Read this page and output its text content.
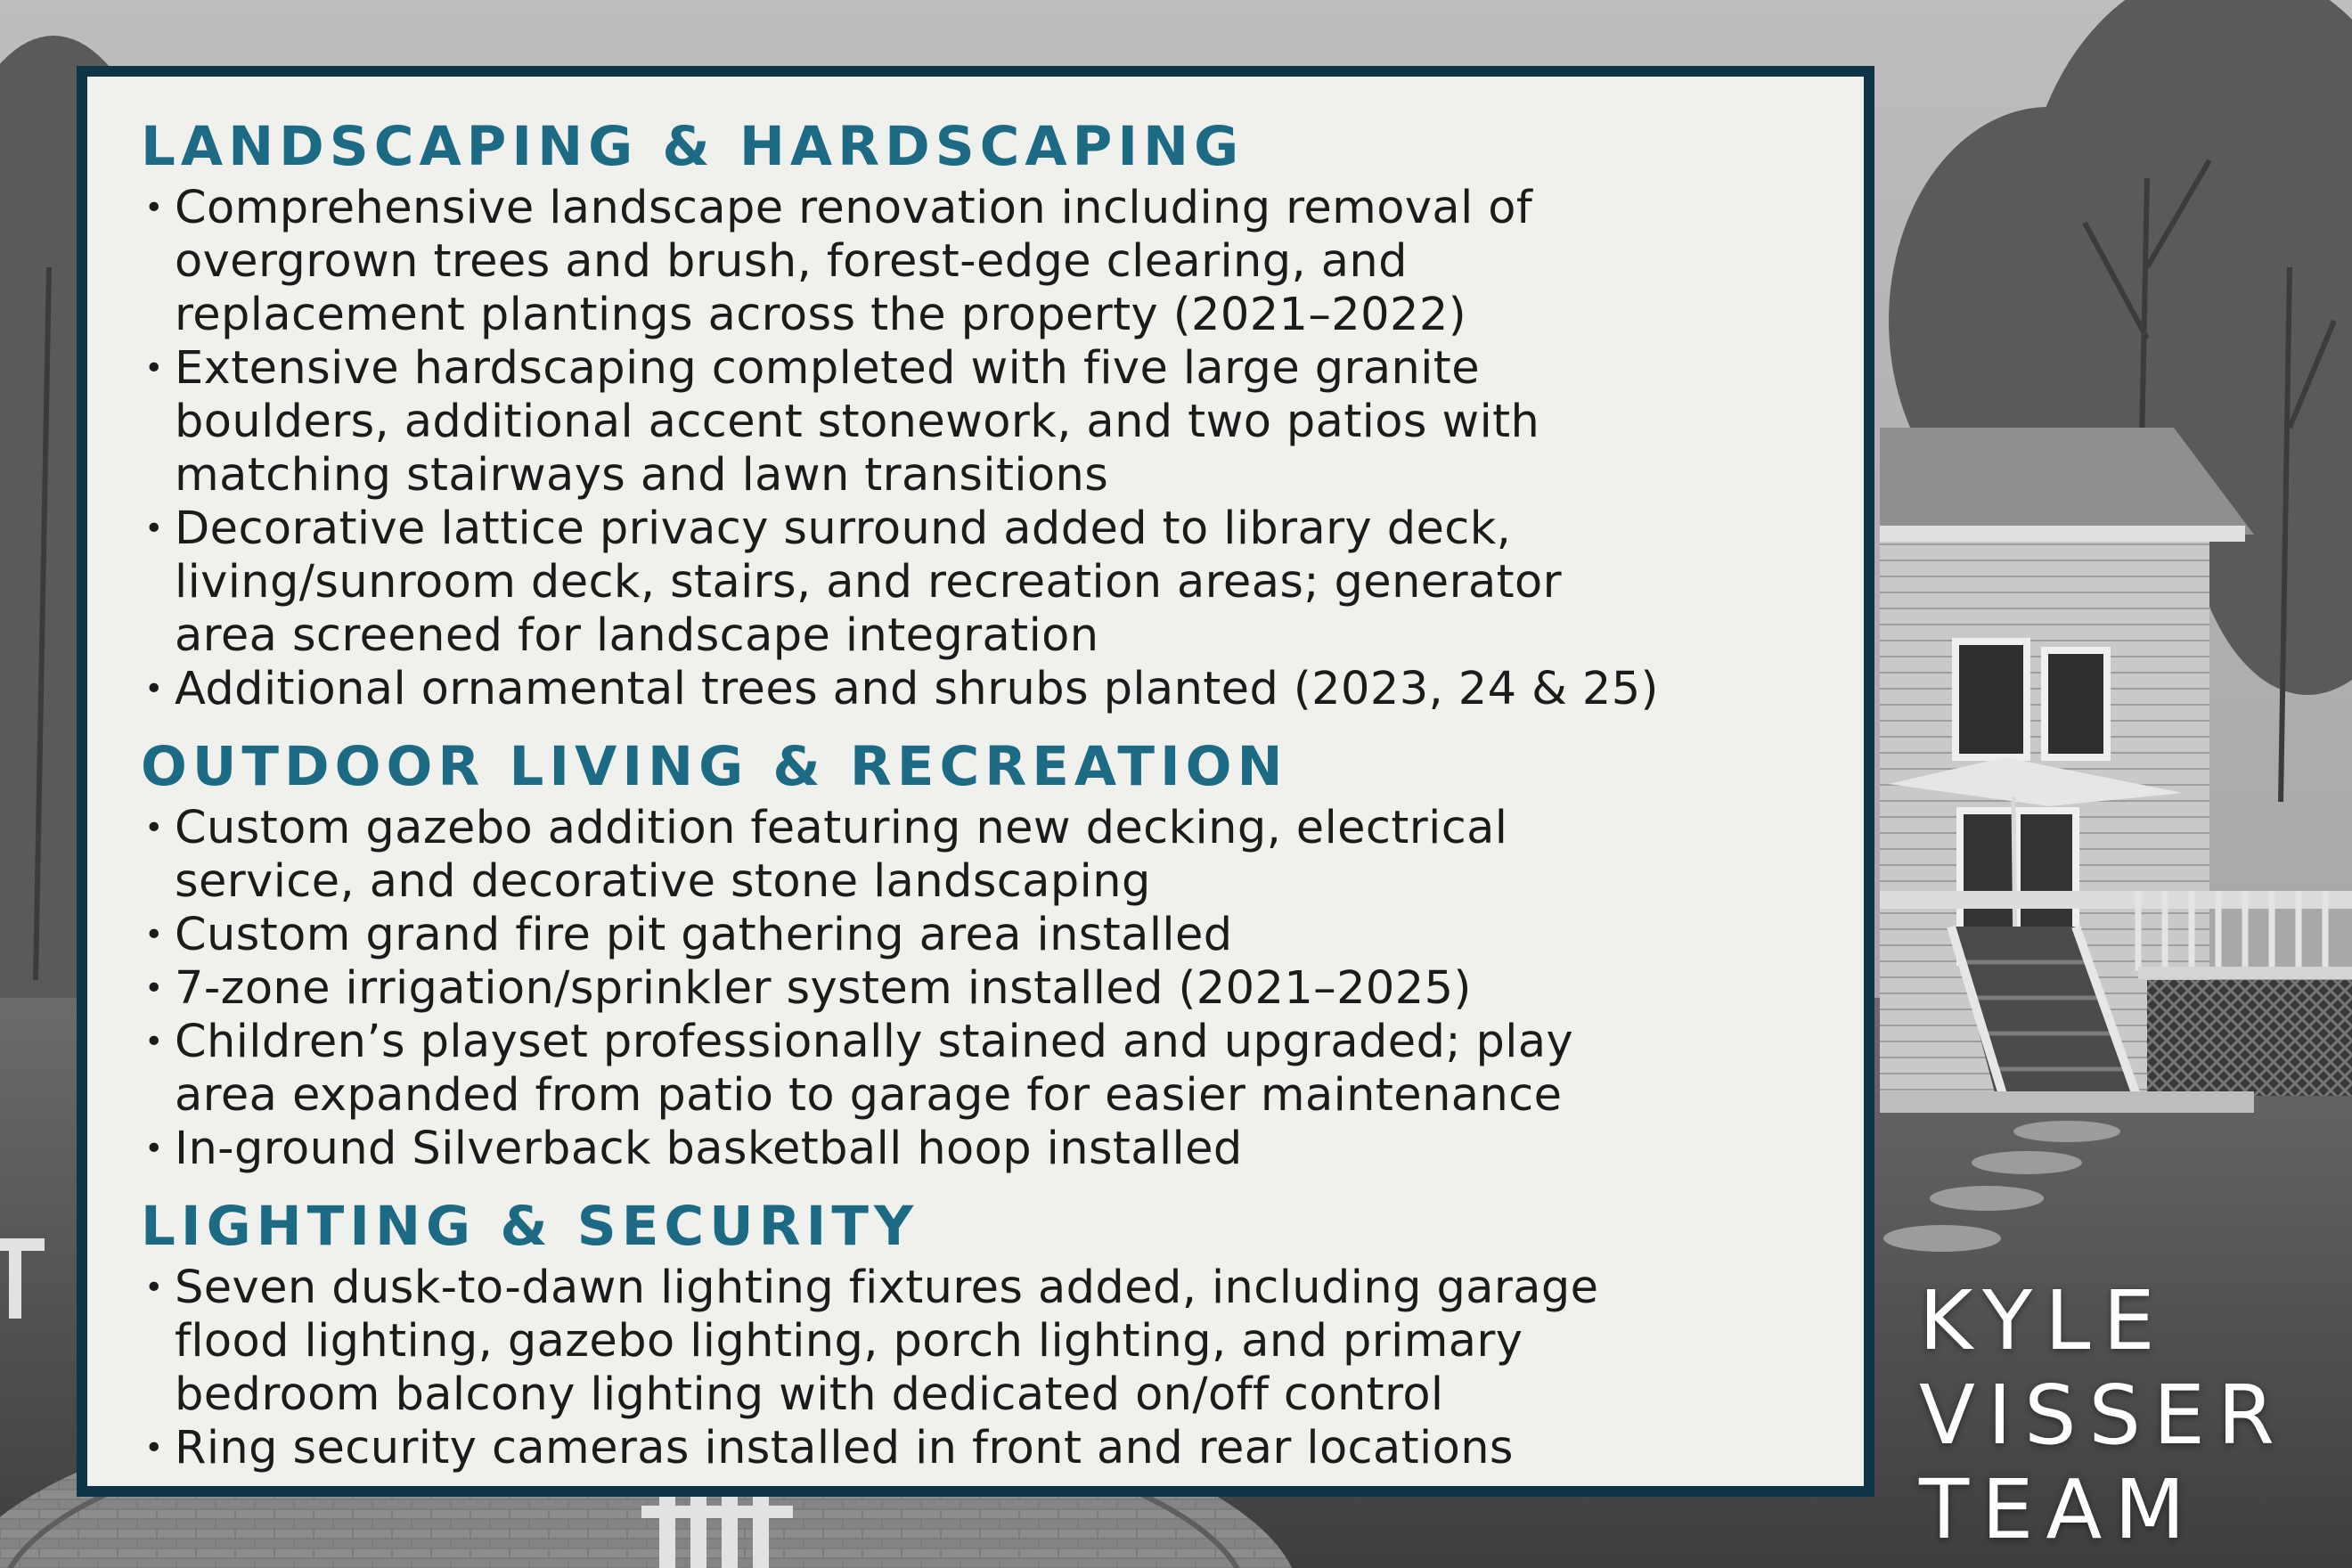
LANDSCAPING & HARDSCAPING
• Comprehensive landscape renovation including removal of
overgrown trees and brush, forest-edge clearing, and
replacement plantings across the property (2021–2022)
• Extensive hardscaping completed with five large granite
boulders, additional accent stonework, and two patios with
matching stairways and lawn transitions
• Decorative lattice privacy surround added to library deck,
living/sunroom deck, stairs, and recreation areas; generator
area screened for landscape integration
• Additional ornamental trees and shrubs planted (2023, 24 & 25)
OUTDOOR LIVING & RECREATION
• Custom gazebo addition featuring new decking, electrical
service, and decorative stone landscaping
• Custom grand fire pit gathering area installed
• 7-zone irrigation/sprinkler system installed (2021–2025)
• Children’s playset professionally stained and upgraded; play
area expanded from patio to garage for easier maintenance
• In-ground Silverback basketball hoop installed
LIGHTING & SECURITY
• Seven dusk-to-dawn lighting fixtures added, including garage
flood lighting, gazebo lighting, porch lighting, and primary
bedroom balcony lighting with dedicated on/off control
• Ring security cameras installed in front and rear locations
KYLE
VISSER
TEAM
